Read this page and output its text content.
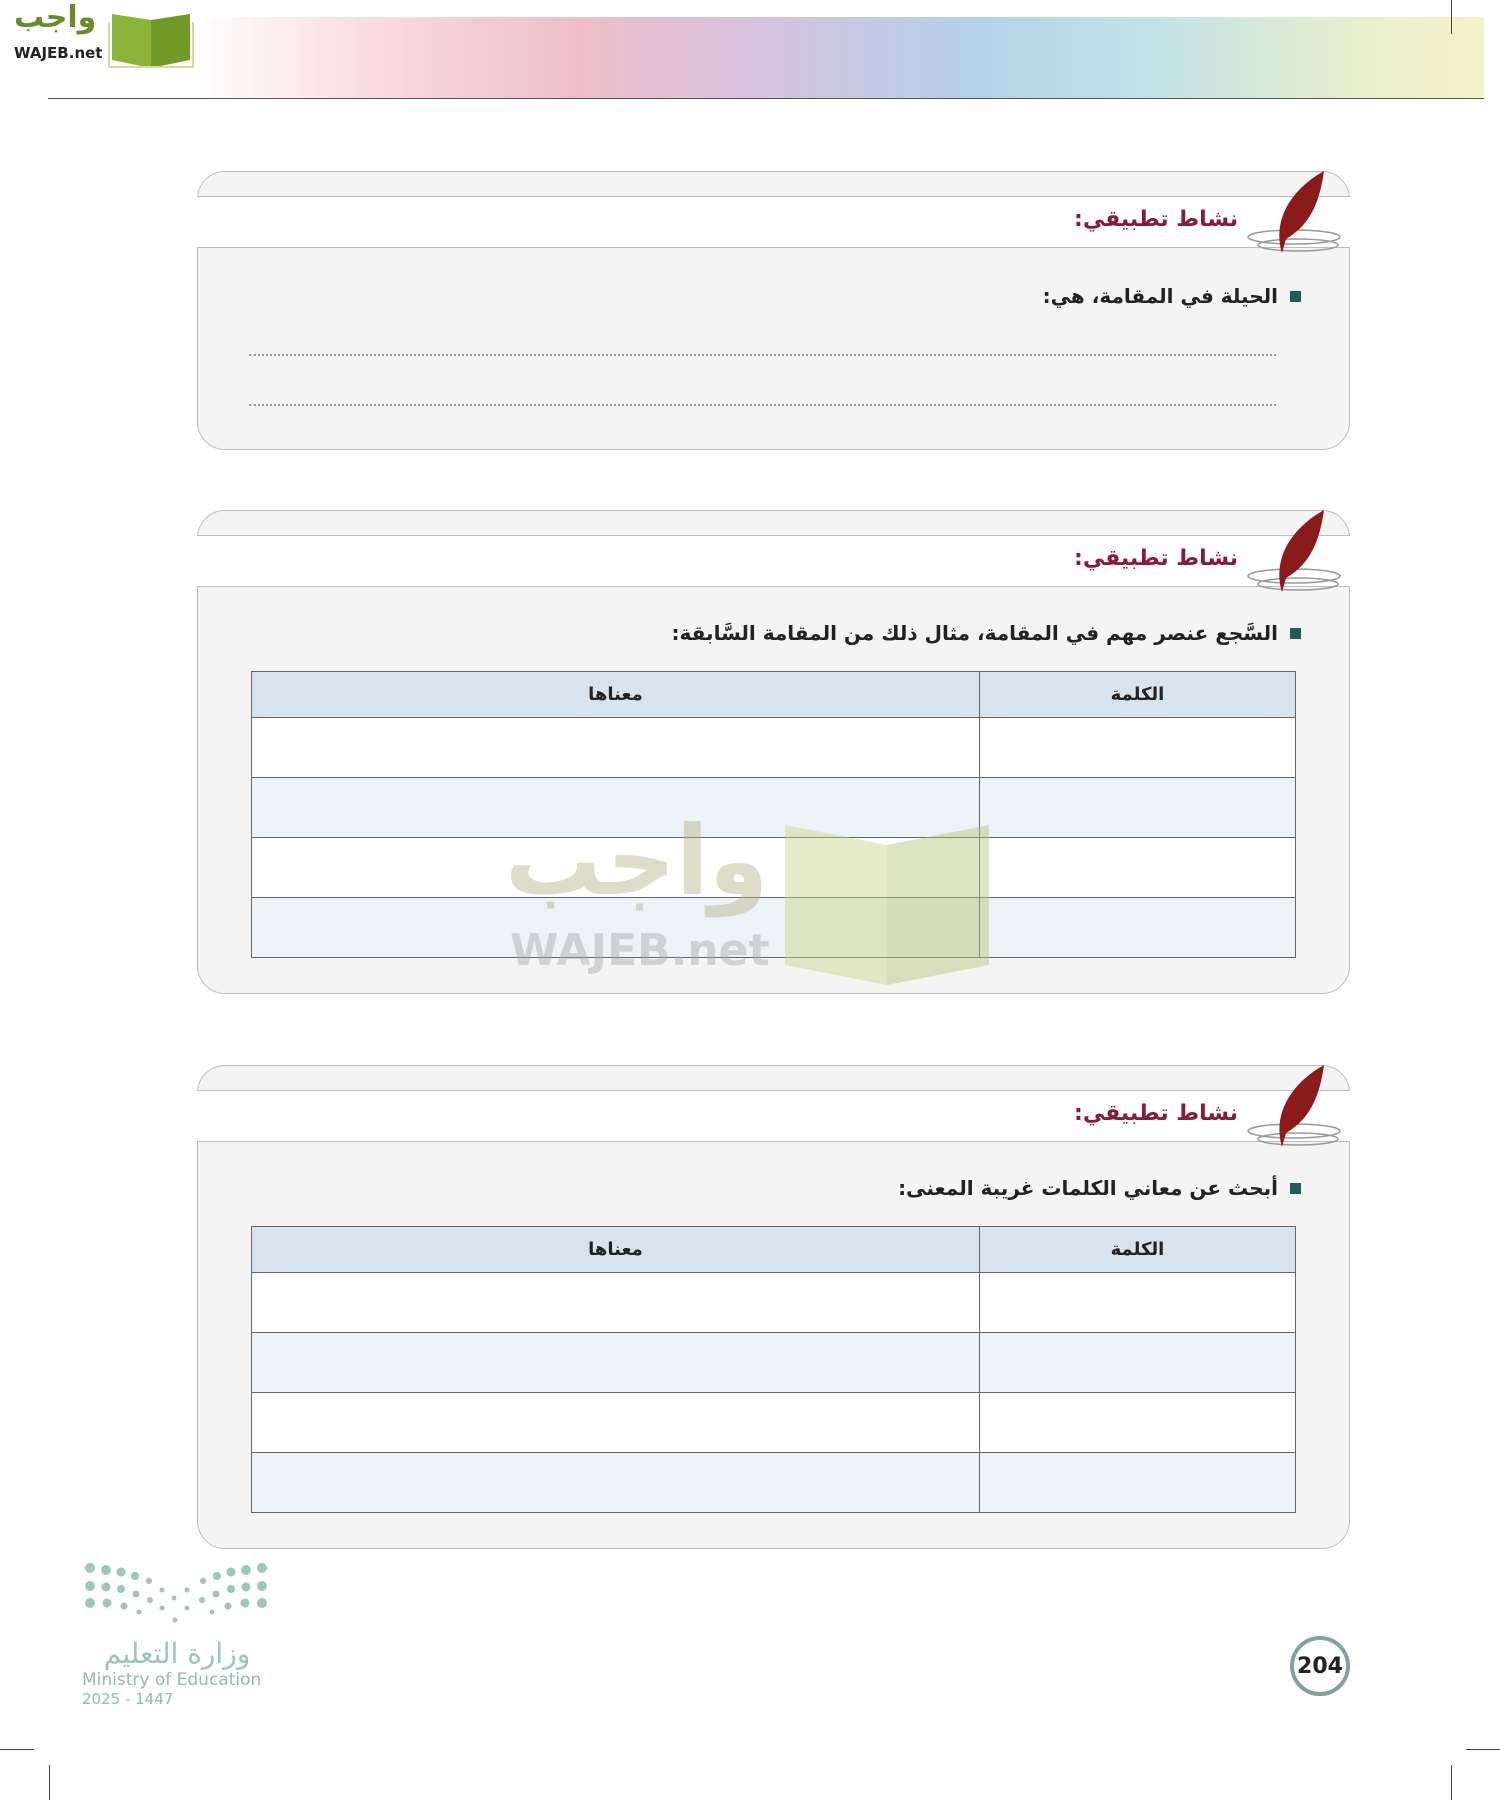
واجب
WAJEB.net
نشاط تطبيقي:
الحيلة في المقامة، هي:
نشاط تطبيقي:
السَّجع عنصر مهم في المقامة، مثال ذلك من المقامة السَّابقة:
الكلمة	معناها

نشاط تطبيقي:
أبحث عن معاني الكلمات غريبة المعنى:
الكلمة	معناها

واجب
WAJEB.net
وزارة التعليم
Ministry of Education
2025 - 1447
204
